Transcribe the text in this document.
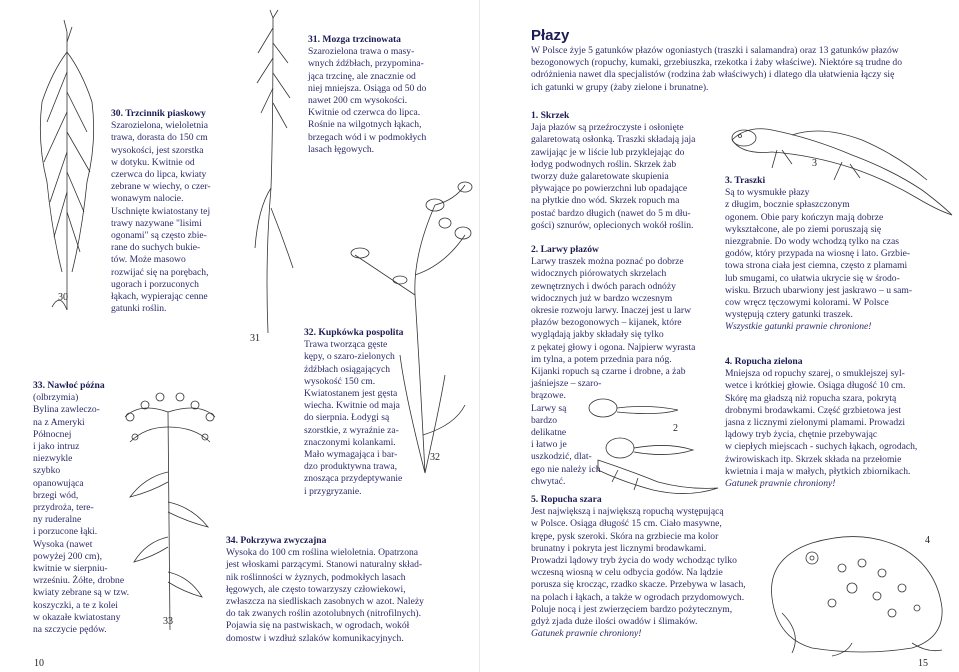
30
31
32
33
30. Trzcinnik piaskowy
Szarozielona, wieloletnia
trawa, dorasta do 150 cm
wysokości, jest szorstka
w dotyku. Kwitnie od
czerwca do lipca, kwiaty
zebrane w wiechy, o czer-
wonawym nalocie.
Uschnięte kwiatostany tej
trawy nazywane "lisimi
ogonami" są często zbie-
rane do suchych bukie-
tów. Może masowo
rozwijać się na porębach,
ugorach i porzuconych
łąkach, wypierając cenne
gatunki roślin.
31. Mozga trzcinowata
Szarozielona trawa o masy-
wnych źdźbłach, przypomina-
jąca trzcinę, ale znacznie od
niej mniejsza. Osiąga od 50 do
nawet 200 cm wysokości.
Kwitnie od czerwca do lipca.
Rośnie na wilgotnych łąkach,
brzegach wód i w podmokłych
lasach łęgowych.
32. Kupkówka pospolita
Trawa tworząca gęste
kępy, o szaro-zielonych
źdźbłach osiągających
wysokość 150 cm.
Kwiatostanem jest gęsta
wiecha. Kwitnie od maja
do sierpnia. Łodygi są
szorstkie, z wyraźnie za-
znaczonymi kolankami.
Mało wymagająca i bar-
dzo produktywna trawa,
znosząca przydeptywanie
i przygryzanie.
33. Nawłoć późna
(olbrzymia)
Bylina zawleczo-
na z Ameryki
Północnej
i jako intruz
niezwykle
szybko
opanowująca
brzegi wód,
przydroża, tere-
ny ruderalne
i porzucone łąki.
Wysoka (nawet
powyżej 200 cm),
kwitnie w sierpniu-
wrześniu. Żółte, drobne
kwiaty zebrane są w tzw.
koszyczki, a te z kolei
w okazałe kwiatostany
na szczycie pędów.
34. Pokrzywa zwyczajna
Wysoka do 100 cm roślina wieloletnia. Opatrzona
jest włoskami parzącymi. Stanowi naturalny skład-
nik roślinności w żyznych, podmokłych lasach
łęgowych, ale często towarzyszy człowiekowi,
zwłaszcza na siedliskach zasobnych w azot. Należy
do tak zwanych roślin azotolubnych (nitrofilnych).
Pojawia się na pastwiskach, w ogrodach, wokół
domostw i wzdłuż szlaków komunikacyjnych.
10
Płazy
W Polsce żyje 5 gatunków płazów ogoniastych (traszki i salamandra) oraz 13 gatunków płazów
bezogonowych (ropuchy, kumaki, grzebiuszka, rzekotka i żaby właściwe). Niektóre są trudne do
odróżnienia nawet dla specjalistów (rodzina żab właściwych) i dlatego dla ułatwienia łączy się
ich gatunki w grupy (żaby zielone i brunatne).
1. Skrzek
Jaja płazów są przeźroczyste i osłonięte
galaretowatą osłonką. Traszki składają jaja
zawijając je w liście lub przyklejając do
łodyg podwodnych roślin. Skrzek żab
tworzy duże galaretowate skupienia
pływające po powierzchni lub opadające
na płytkie dno wód. Skrzek ropuch ma
postać bardzo długich (nawet do 5 m dłu-
gości) sznurów, oplecionych wokół roślin.
2. Larwy płazów
Larwy traszek można poznać po dobrze
widocznych piórowatych skrzelach
zewnętrznych i dwóch parach odnóży
widocznych już w bardzo wczesnym
okresie rozwoju larwy. Inaczej jest u larw
płazów bezogonowych – kijanek, które
wyglądają jakby składały się tylko
z pękatej głowy i ogona. Najpierw wyrasta
im tylna, a potem przednia para nóg.
Kijanki ropuch są czarne i drobne, a żab
jaśniejsze – szaro-
brązowe.
Larwy są
bardzo
delikatne
i łatwo je
uszkodzić, dlat-
ego nie należy ich
chwytać.
3. Traszki
Są to wysmukłe płazy
z długim, bocznie spłaszczonym
ogonem. Obie pary kończyn mają dobrze
wykształcone, ale po ziemi poruszają się
niezgrabnie. Do wody wchodzą tylko na czas
godów, który przypada na wiosnę i lato. Grzbie-
towa strona ciała jest ciemna, często z plamami
lub smugami, co ułatwia ukrycie się w środo-
wisku. Brzuch ubarwiony jest jaskrawo – u sam-
cow wręcz tęczowymi kolorami. W Polsce
występują cztery gatunki traszek.
Wszystkie gatunki prawnie chronione!
4. Ropucha zielona
Mniejsza od ropuchy szarej, o smuklejszej syl-
wetce i krótkiej głowie. Osiąga długość 10 cm.
Skórę ma gładszą niż ropucha szara, pokrytą
drobnymi brodawkami. Część grzbietowa jest
jasna z licznymi zielonymi plamami. Prowadzi
lądowy tryb życia, chętnie przebywając
w ciepłych miejscach - suchych łąkach, ogrodach,
żwirowiskach itp. Skrzek składa na przełomie
kwietnia i maja w małych, płytkich zbiornikach.
Gatunek prawnie chroniony!
5. Ropucha szara
Jest największą i największą ropuchą występującą
w Polsce. Osiąga długość 15 cm. Ciało masywne,
krępe, pysk szeroki. Skóra na grzbiecie ma kolor
brunatny i pokryta jest licznymi brodawkami.
Prowadzi lądowy tryb życia do wody wchodząc tylko
wczesną wiosną w celu odbycia godów. Na lądzie
porusza się krocząc, rzadko skacze. Przebywa w lasach,
na polach i łąkach, a także w ogrodach przydomowych.
Poluje nocą i jest zwierzęciem bardzo pożytecznym,
gdyż zjada duże ilości owadów i ślimaków.
Gatunek prawnie chroniony!
3
2
4
15
